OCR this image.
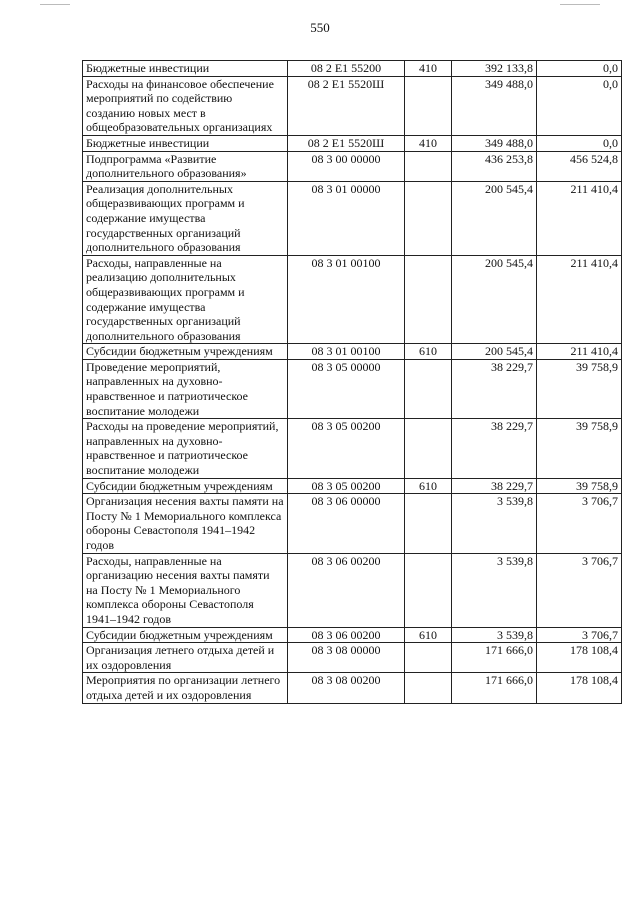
550
Бюджетные инвестиции	08 2 E1 55200	410	392 133,8	0,0
Расходы на финансовое обеспечение мероприятий по содействию созданию новых мест в общеобразовательных организациях	08 2 E1 5520Ш		349 488,0	0,0
Бюджетные инвестиции	08 2 E1 5520Ш	410	349 488,0	0,0
Подпрограмма «Развитие дополнительного образования»	08 3 00 00000		436 253,8	456 524,8
Реализация дополнительных общеразвивающих программ и содержание имущества государственных организаций дополнительного образования	08 3 01 00000		200 545,4	211 410,4
Расходы, направленные на реализацию дополнительных общеразвивающих программ и содержание имущества государственных организаций дополнительного образования	08 3 01 00100		200 545,4	211 410,4
Субсидии бюджетным учреждениям	08 3 01 00100	610	200 545,4	211 410,4
Проведение мероприятий, направленных на духовно-нравственное и патриотическое воспитание молодежи	08 3 05 00000		38 229,7	39 758,9
Расходы на проведение мероприятий, направленных на духовно-нравственное и патриотическое воспитание молодежи	08 3 05 00200		38 229,7	39 758,9
Субсидии бюджетным учреждениям	08 3 05 00200	610	38 229,7	39 758,9
Организация несения вахты памяти на Посту № 1 Мемориального комплекса обороны Севастополя 1941–1942 годов	08 3 06 00000		3 539,8	3 706,7
Расходы, направленные на организацию несения вахты памяти на Посту № 1 Мемориального комплекса обороны Севастополя 1941–1942 годов	08 3 06 00200		3 539,8	3 706,7
Субсидии бюджетным учреждениям	08 3 06 00200	610	3 539,8	3 706,7
Организация летнего отдыха детей и их оздоровления	08 3 08 00000		171 666,0	178 108,4
Мероприятия по организации летнего отдыха детей и их оздоровления	08 3 08 00200		171 666,0	178 108,4
